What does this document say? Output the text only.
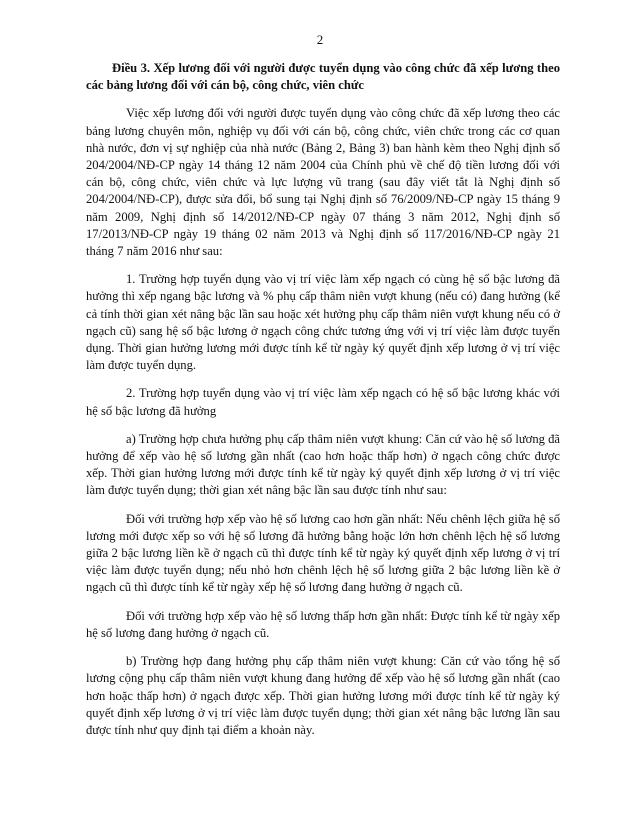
2

Điều 3. Xếp lương đối với người được tuyển dụng vào công chức đã xếp lương theo các bảng lương đối với cán bộ, công chức, viên chức

Việc xếp lương đối với người được tuyển dụng vào công chức đã xếp lương theo các bảng lương chuyên môn, nghiệp vụ đối với cán bộ, công chức, viên chức trong các cơ quan nhà nước, đơn vị sự nghiệp của nhà nước (Bảng 2, Bảng 3) ban hành kèm theo Nghị định số 204/2004/NĐ-CP ngày 14 tháng 12 năm 2004 của Chính phủ về chế độ tiền lương đối với cán bộ, công chức, viên chức và lực lượng vũ trang (sau đây viết tắt là Nghị định số 204/2004/NĐ-CP), được sửa đổi, bổ sung tại Nghị định số 76/2009/NĐ-CP ngày 15 tháng 9 năm 2009, Nghị định số 14/2012/NĐ-CP ngày 07 tháng 3 năm 2012, Nghị định số 17/2013/NĐ-CP ngày 19 tháng 02 năm 2013 và Nghị định số 117/2016/NĐ-CP ngày 21 tháng 7 năm 2016 như sau:

1. Trường hợp tuyển dụng vào vị trí việc làm xếp ngạch có cùng hệ số bậc lương đã hưởng thì xếp ngang bậc lương và % phụ cấp thâm niên vượt khung (nếu có) đang hưởng (kể cả tính thời gian xét nâng bậc lần sau hoặc xét hưởng phụ cấp thâm niên vượt khung nếu có ở ngạch cũ) sang hệ số bậc lương ở ngạch công chức tương ứng với vị trí việc làm được tuyển dụng. Thời gian hưởng lương mới được tính kể từ ngày ký quyết định xếp lương ở vị trí việc làm được tuyển dụng.

2. Trường hợp tuyển dụng vào vị trí việc làm xếp ngạch có hệ số bậc lương khác với hệ số bậc lương đã hưởng

a) Trường hợp chưa hưởng phụ cấp thâm niên vượt khung: Căn cứ vào hệ số lương đã hưởng để xếp vào hệ số lương gần nhất (cao hơn hoặc thấp hơn) ở ngạch công chức được xếp. Thời gian hưởng lương mới được tính kể từ ngày ký quyết định xếp lương ở vị trí việc làm được tuyển dụng; thời gian xét nâng bậc lần sau được tính như sau:

Đối với trường hợp xếp vào hệ số lương cao hơn gần nhất: Nếu chênh lệch giữa hệ số lương mới được xếp so với hệ số lương đã hưởng bằng hoặc lớn hơn chênh lệch hệ số lương giữa 2 bậc lương liền kề ở ngạch cũ thì được tính kể từ ngày ký quyết định xếp lương ở vị trí việc làm được tuyển dụng; nếu nhỏ hơn chênh lệch hệ số lương giữa 2 bậc lương liền kề ở ngạch cũ thì được tính kể từ ngày xếp hệ số lương đang hưởng ở ngạch cũ.

Đối với trường hợp xếp vào hệ số lương thấp hơn gần nhất: Được tính kể từ ngày xếp hệ số lương đang hưởng ở ngạch cũ.

b) Trường hợp đang hưởng phụ cấp thâm niên vượt khung: Căn cứ vào tổng hệ số lương cộng phụ cấp thâm niên vượt khung đang hưởng để xếp vào hệ số lương gần nhất (cao hơn hoặc thấp hơn) ở ngạch được xếp. Thời gian hưởng lương mới được tính kể từ ngày ký quyết định xếp lương ở vị trí việc làm được tuyển dụng; thời gian xét nâng bậc lương lần sau được tính như quy định tại điểm a khoản này.
